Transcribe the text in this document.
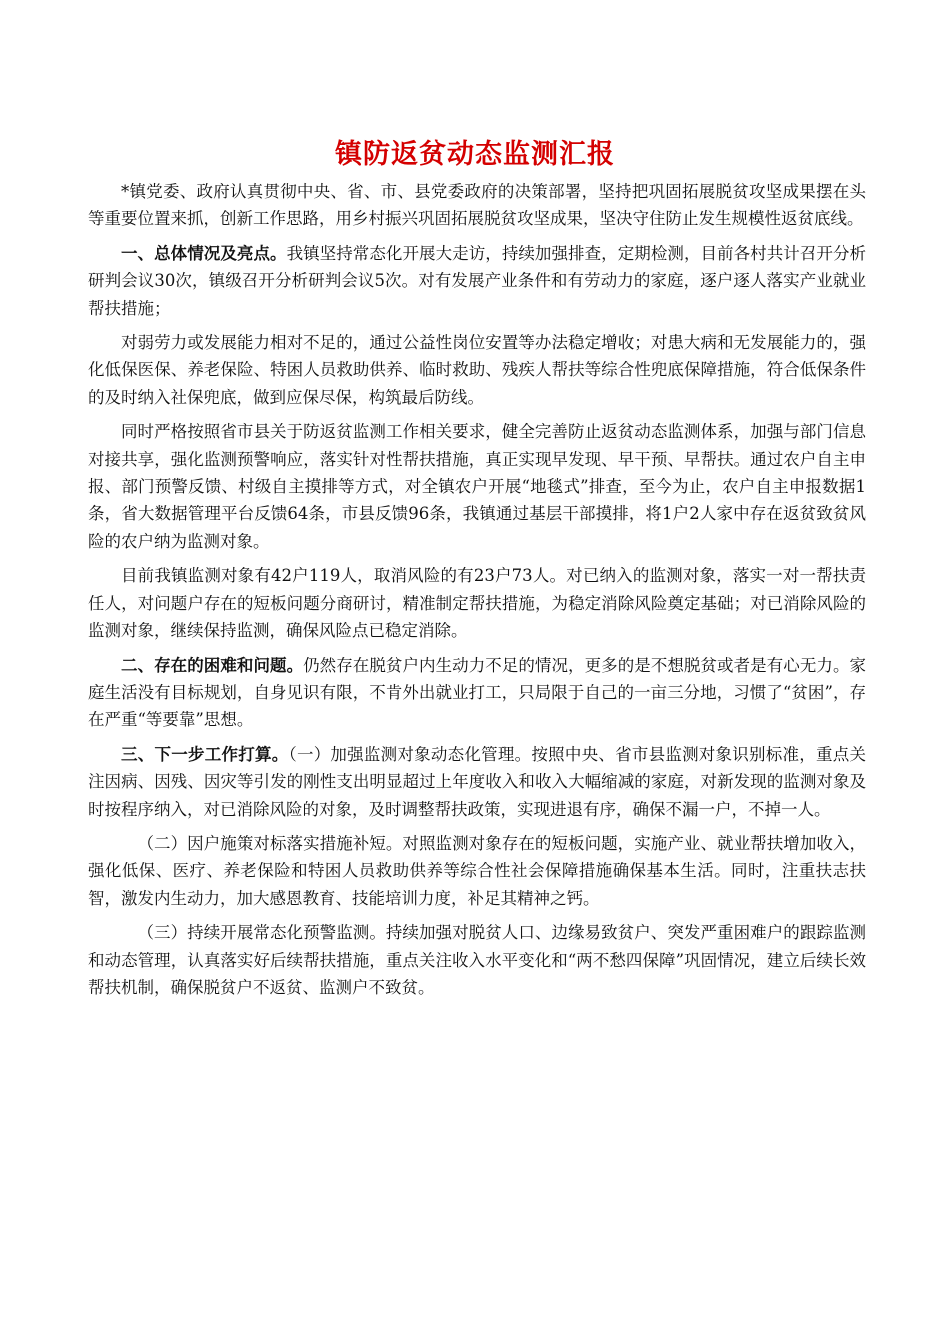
镇防返贫动态监测汇报

*镇党委、政府认真贯彻中央、省、市、县党委政府的决策部署，坚持把巩固拓展脱贫攻坚成果摆在头等重要位置来抓，创新工作思路，用乡村振兴巩固拓展脱贫攻坚成果，坚决守住防止发生规模性返贫底线。

一、总体情况及亮点。我镇坚持常态化开展大走访，持续加强排查，定期检测，目前各村共计召开分析研判会议30次，镇级召开分析研判会议5次。对有发展产业条件和有劳动力的家庭，逐户逐人落实产业就业帮扶措施；

对弱劳力或发展能力相对不足的，通过公益性岗位安置等办法稳定增收；对患大病和无发展能力的，强化低保医保、养老保险、特困人员救助供养、临时救助、残疾人帮扶等综合性兜底保障措施，符合低保条件的及时纳入社保兜底，做到应保尽保，构筑最后防线。

同时严格按照省市县关于防返贫监测工作相关要求，健全完善防止返贫动态监测体系，加强与部门信息对接共享，强化监测预警响应，落实针对性帮扶措施，真正实现早发现、早干预、早帮扶。通过农户自主申报、部门预警反馈、村级自主摸排等方式，对全镇农户开展“地毯式”排查，至今为止，农户自主申报数据1条，省大数据管理平台反馈64条，市县反馈96条，我镇通过基层干部摸排，将1户2人家中存在返贫致贫风险的农户纳为监测对象。

目前我镇监测对象有42户119人，取消风险的有23户73人。对已纳入的监测对象，落实一对一帮扶责任人，对问题户存在的短板问题分商研讨，精准制定帮扶措施，为稳定消除风险奠定基础；对已消除风险的监测对象，继续保持监测，确保风险点已稳定消除。

二、存在的困难和问题。仍然存在脱贫户内生动力不足的情况，更多的是不想脱贫或者是有心无力。家庭生活没有目标规划，自身见识有限，不肯外出就业打工，只局限于自己的一亩三分地，习惯了“贫困”，存在严重“等要靠”思想。

三、下一步工作打算。（一）加强监测对象动态化管理。按照中央、省市县监测对象识别标准，重点关注因病、因残、因灾等引发的刚性支出明显超过上年度收入和收入大幅缩减的家庭，对新发现的监测对象及时按程序纳入，对已消除风险的对象，及时调整帮扶政策，实现进退有序，确保不漏一户，不掉一人。

（二）因户施策对标落实措施补短。对照监测对象存在的短板问题，实施产业、就业帮扶增加收入，强化低保、医疗、养老保险和特困人员救助供养等综合性社会保障措施确保基本生活。同时，注重扶志扶智，激发内生动力，加大感恩教育、技能培训力度，补足其精神之钙。

（三）持续开展常态化预警监测。持续加强对脱贫人口、边缘易致贫户、突发严重困难户的跟踪监测和动态管理，认真落实好后续帮扶措施，重点关注收入水平变化和“两不愁四保障”巩固情况，建立后续长效帮扶机制，确保脱贫户不返贫、监测户不致贫。
